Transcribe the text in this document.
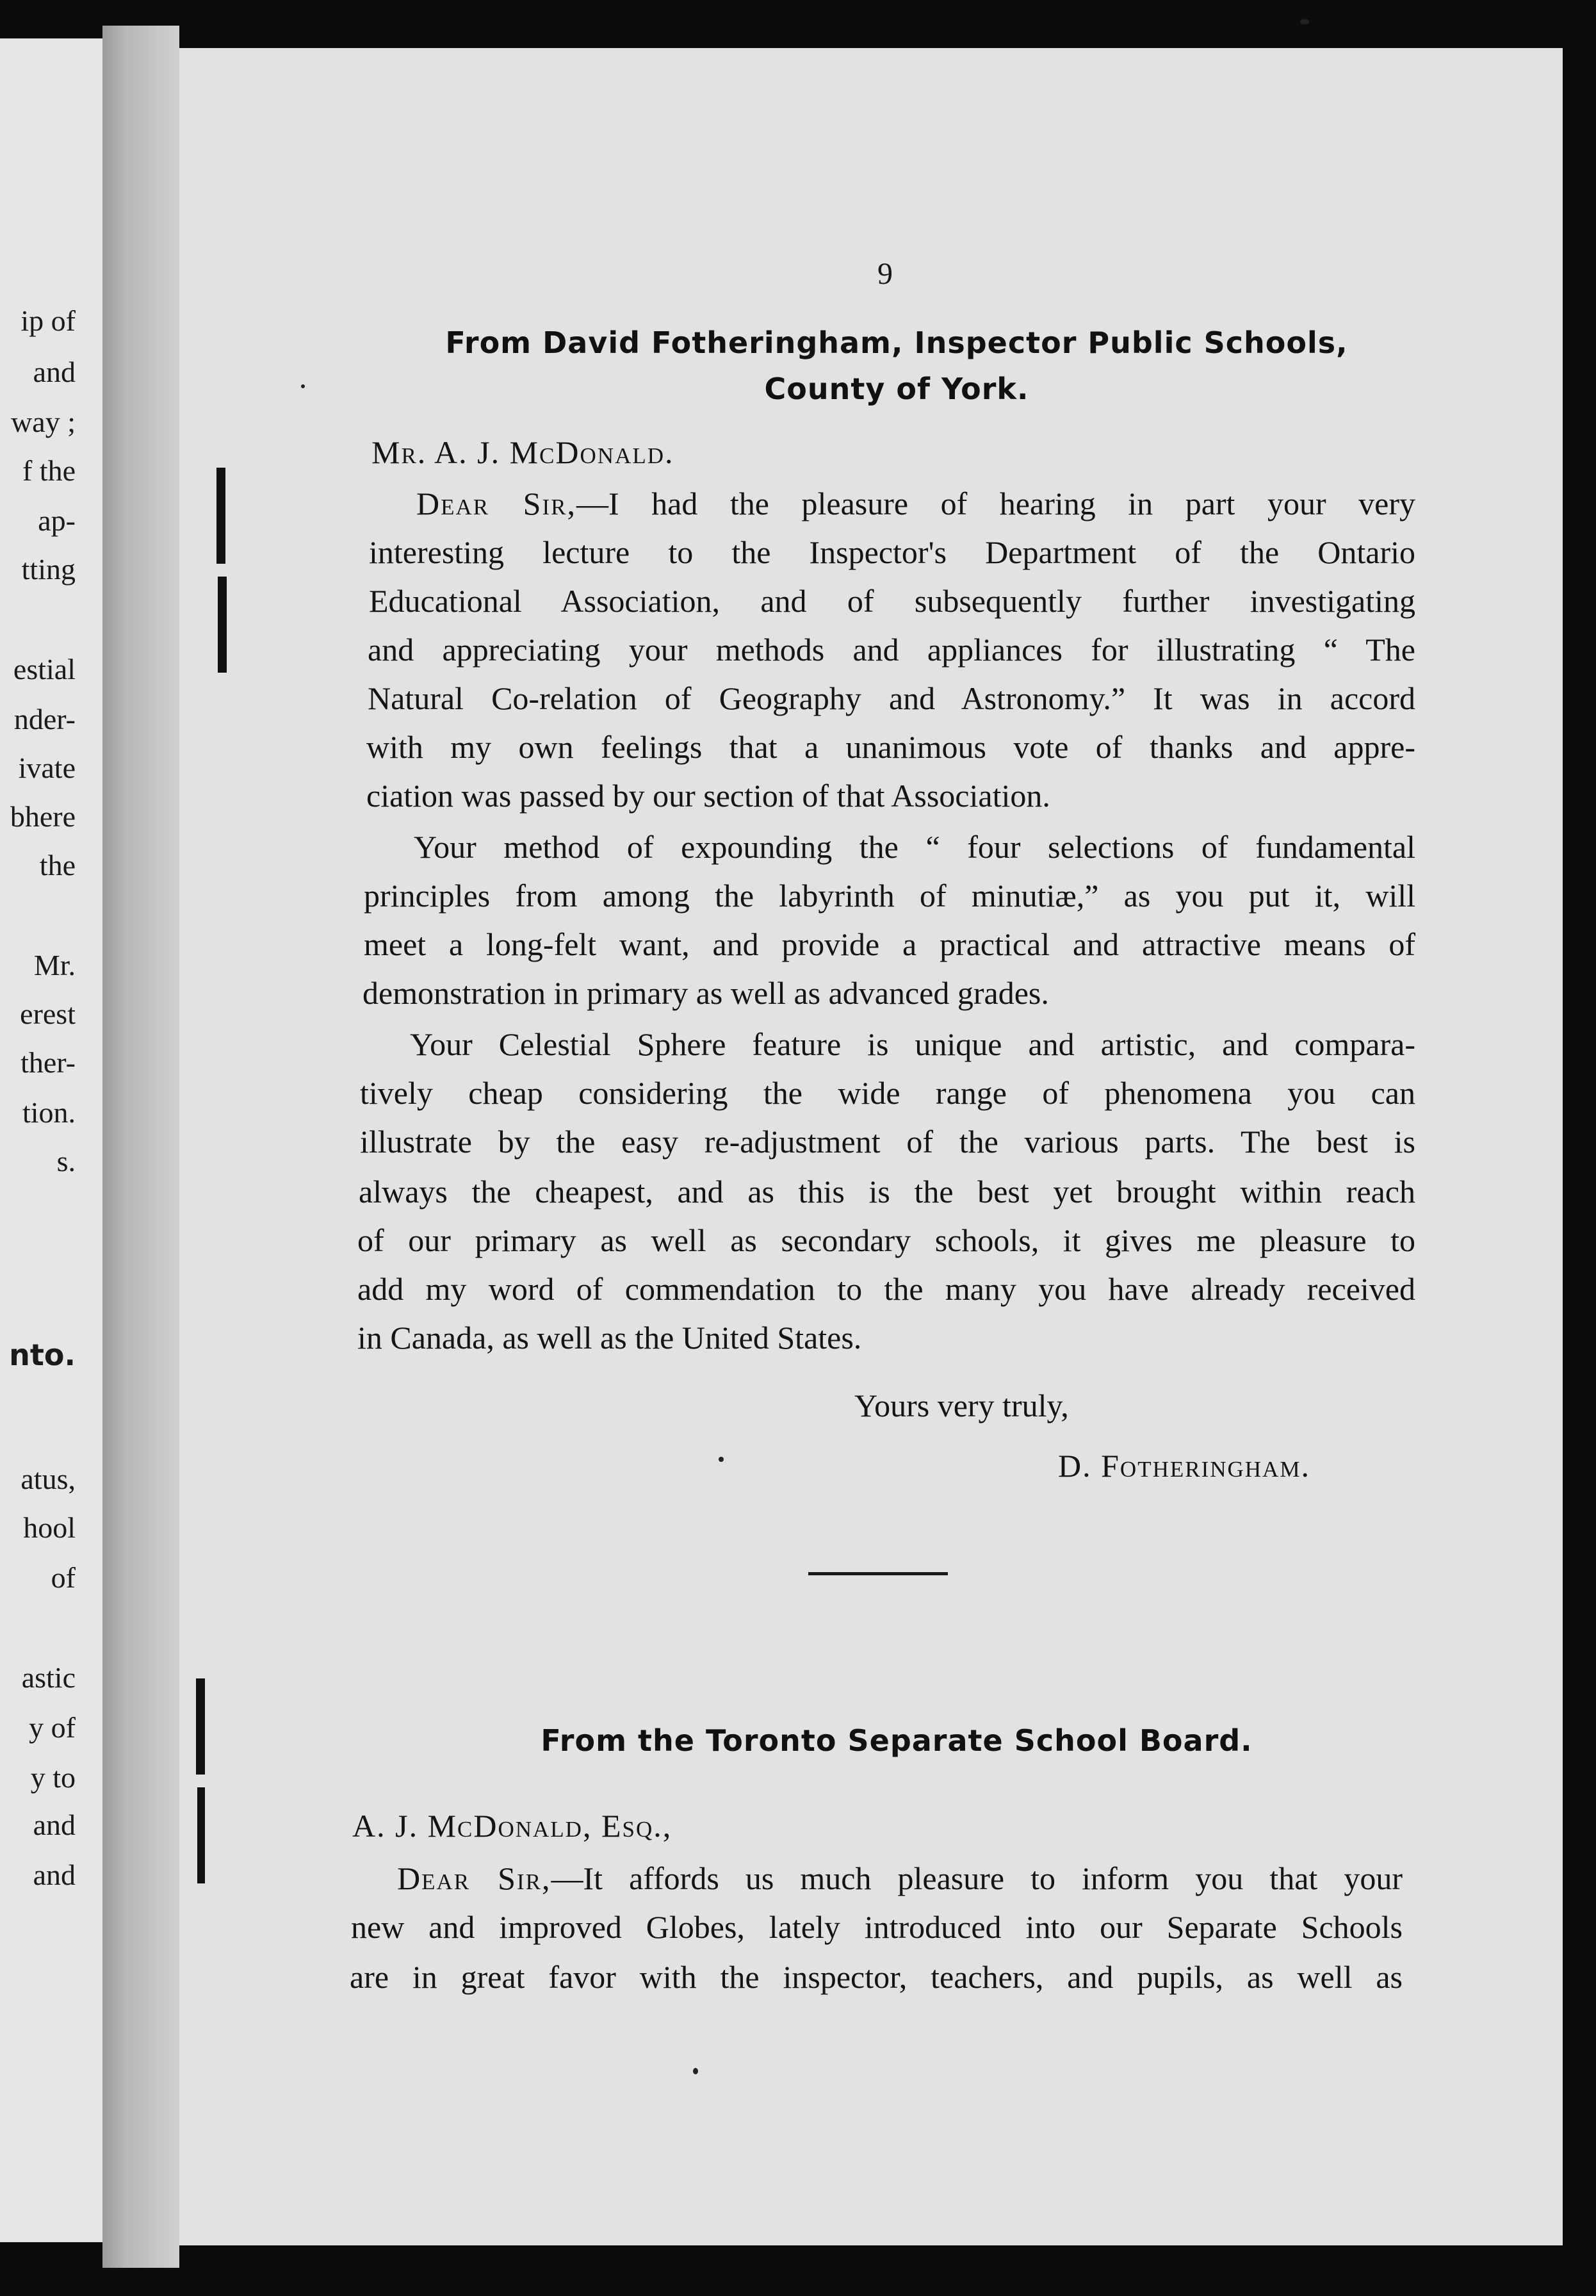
ip of
and
way ;
f the
ap-
tting
estial
nder-
ivate
bhere
the
Mr.
erest
ther-
tion.
s.
nto.
atus,
hool
of
astic
y of
y to
and
and
9
From David Fotheringham, Inspector Public Schools,
County of York.
Mr. A. J. McDonald.
Dear Sir,—I had the pleasure of hearing in part your very
interesting lecture to the Inspector's Department of the Ontario
Educational Association, and of subsequently further investigating
and appreciating your methods and appliances for illustrating “ The
Natural Co-relation of Geography and Astronomy.” It was in accord
with my own feelings that a unanimous vote of thanks and appre-
ciation was passed by our section of that Association.
Your method of expounding the “ four selections of fundamental
principles from among the labyrinth of minutiæ,” as you put it, will
meet a long-felt want, and provide a practical and attractive means of
demonstration in primary as well as advanced grades.
Your Celestial Sphere feature is unique and artistic, and compara-
tively cheap considering the wide range of phenomena you can
illustrate by the easy re-adjustment of the various parts. The best is
always the cheapest, and as this is the best yet brought within reach
of our primary as well as secondary schools, it gives me pleasure to
add my word of commendation to the many you have already received
in Canada, as well as the United States.
Yours very truly,
D. Fotheringham.
From the Toronto Separate School Board.
A. J. McDonald, Esq.,
Dear Sir,—It affords us much pleasure to inform you that your
new and improved Globes, lately introduced into our Separate Schools
are in great favor with the inspector, teachers, and pupils, as well as
